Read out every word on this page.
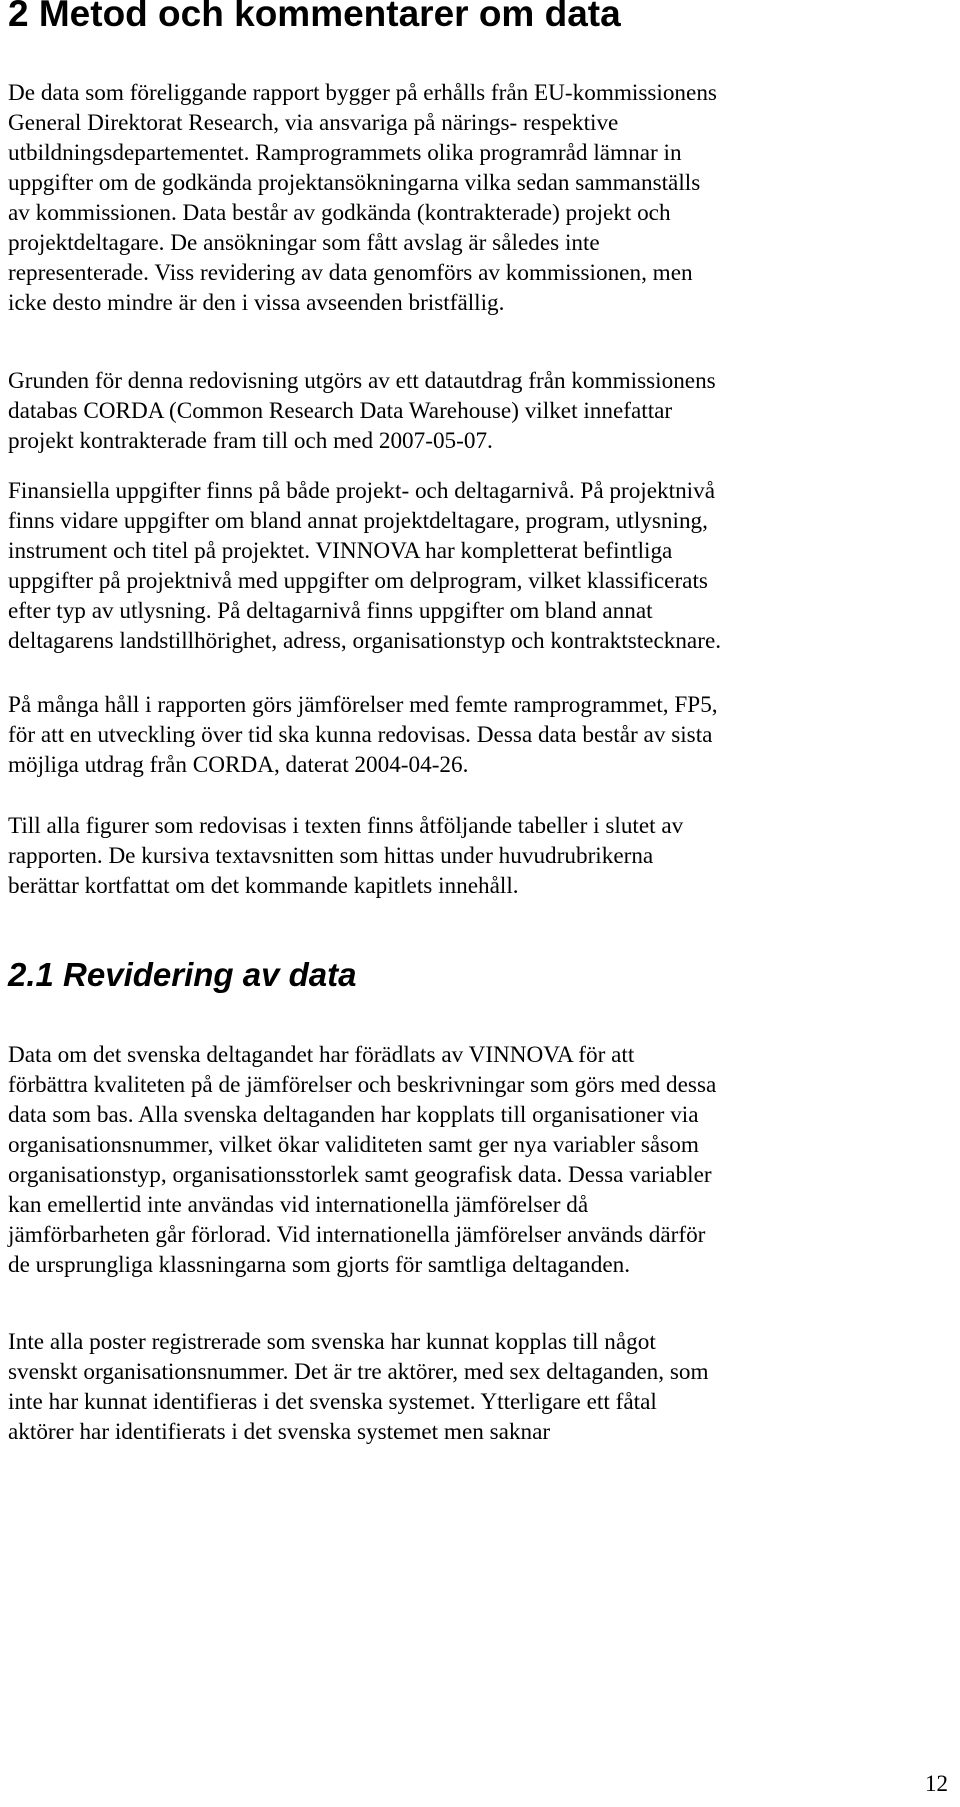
2 Metod och kommentarer om data

De data som föreliggande rapport bygger på erhålls från EU-kommissionens
General Direktorat Research, via ansvariga på närings- respektive
utbildningsdepartementet. Ramprogrammets olika programråd lämnar in
uppgifter om de godkända projektansökningarna vilka sedan sammanställs
av kommissionen. Data består av godkända (kontrakterade) projekt och
projektdeltagare. De ansökningar som fått avslag är således inte
representerade. Viss revidering av data genomförs av kommissionen, men
icke desto mindre är den i vissa avseenden bristfällig.

Grunden för denna redovisning utgörs av ett datautdrag från kommissionens
databas CORDA (Common Research Data Warehouse) vilket innefattar
projekt kontrakterade fram till och med 2007-05-07.

Finansiella uppgifter finns på både projekt- och deltagarnivå. På projektnivå
finns vidare uppgifter om bland annat projektdeltagare, program, utlysning,
instrument och titel på projektet. VINNOVA har kompletterat befintliga
uppgifter på projektnivå med uppgifter om delprogram, vilket klassificerats
efter typ av utlysning. På deltagarnivå finns uppgifter om bland annat
deltagarens landstillhörighet, adress, organisationstyp och kontraktstecknare.

På många håll i rapporten görs jämförelser med femte ramprogrammet, FP5,
för att en utveckling över tid ska kunna redovisas. Dessa data består av sista
möjliga utdrag från CORDA, daterat 2004-04-26.

Till alla figurer som redovisas i texten finns åtföljande tabeller i slutet av
rapporten. De kursiva textavsnitten som hittas under huvudrubrikerna
berättar kortfattat om det kommande kapitlets innehåll.

2.1 Revidering av data

Data om det svenska deltagandet har förädlats av VINNOVA för att
förbättra kvaliteten på de jämförelser och beskrivningar som görs med dessa
data som bas. Alla svenska deltaganden har kopplats till organisationer via
organisationsnummer, vilket ökar validiteten samt ger nya variabler såsom
organisationstyp, organisationsstorlek samt geografisk data. Dessa variabler
kan emellertid inte användas vid internationella jämförelser då
jämförbarheten går förlorad. Vid internationella jämförelser används därför
de ursprungliga klassningarna som gjorts för samtliga deltaganden.

Inte alla poster registrerade som svenska har kunnat kopplas till något
svenskt organisationsnummer. Det är tre aktörer, med sex deltaganden, som
inte har kunnat identifieras i det svenska systemet. Ytterligare ett fåtal
aktörer har identifierats i det svenska systemet men saknar

12
